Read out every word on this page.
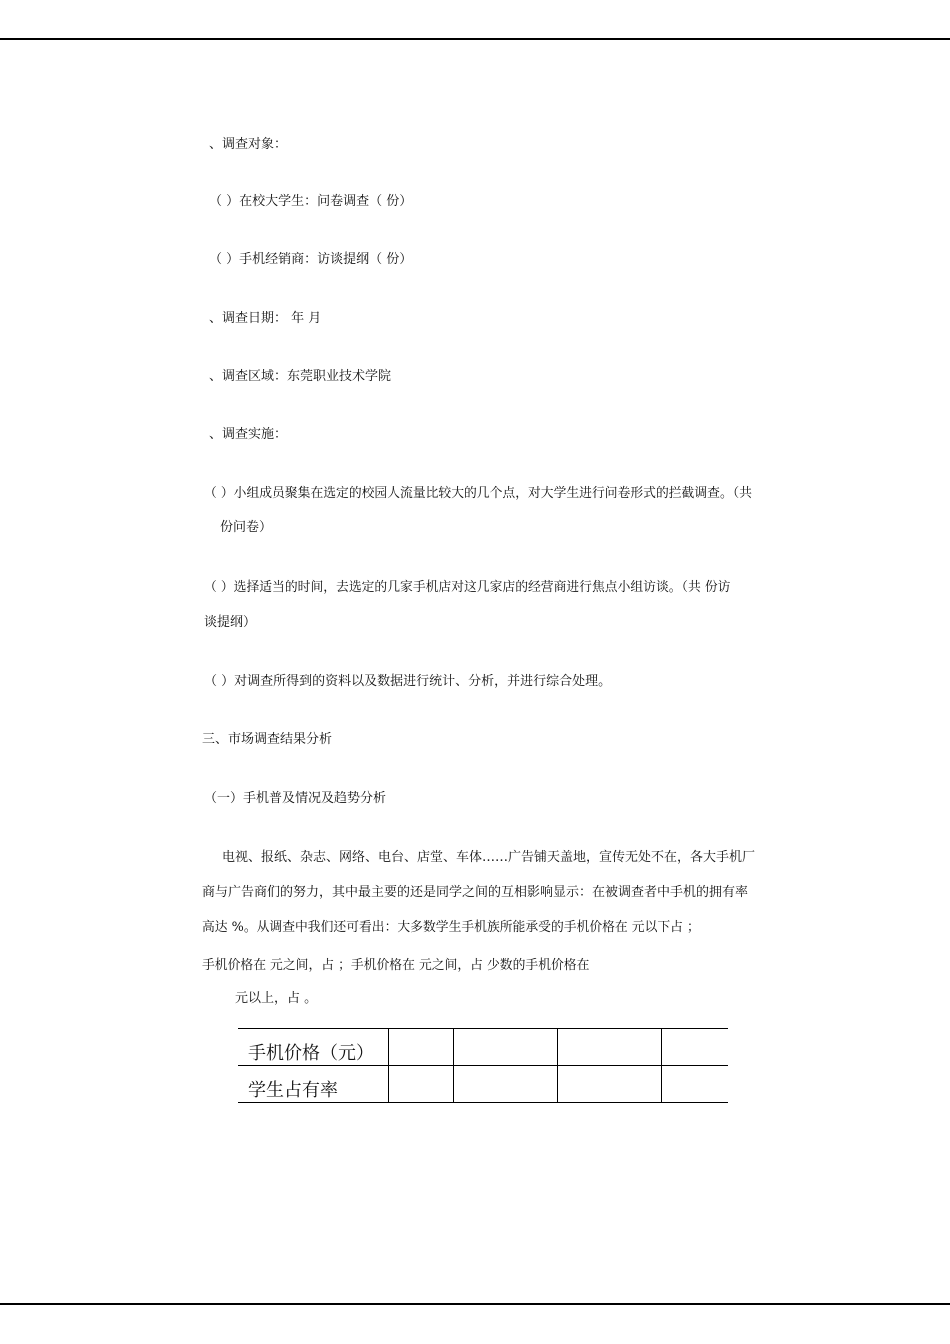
、调查对象：
（ ）在校大学生：问卷调查（ 份）
（ ）手机经销商：访谈提纲（ 份）
、调查日期： 年 月
、调查区域：东莞职业技术学院
、调查实施：
（ ）小组成员聚集在选定的校园人流量比较大的几个点，对大学生进行问卷形式的拦截调查。（共
份问卷）
（ ）选择适当的时间，去选定的几家手机店对这几家店的经营商进行焦点小组访谈。（共 份访
谈提纲）
（ ）对调查所得到的资料以及数据进行统计、分析，并进行综合处理。
三、市场调查结果分析
（一）手机普及情况及趋势分析
电视、报纸、杂志、网络、电台、店堂、车体……广告铺天盖地，宣传无处不在，各大手机厂
商与广告商们的努力，其中最主要的还是同学之间的互相影响显示：在被调查者中手机的拥有率
高达 %。从调查中我们还可看出：大多数学生手机族所能承受的手机价格在 元以下占 ；
手机价格在 元之间，占 ；手机价格在 元之间，占 少数的手机价格在
元以上，占 。
手机价格（元）				
学生占有率				
